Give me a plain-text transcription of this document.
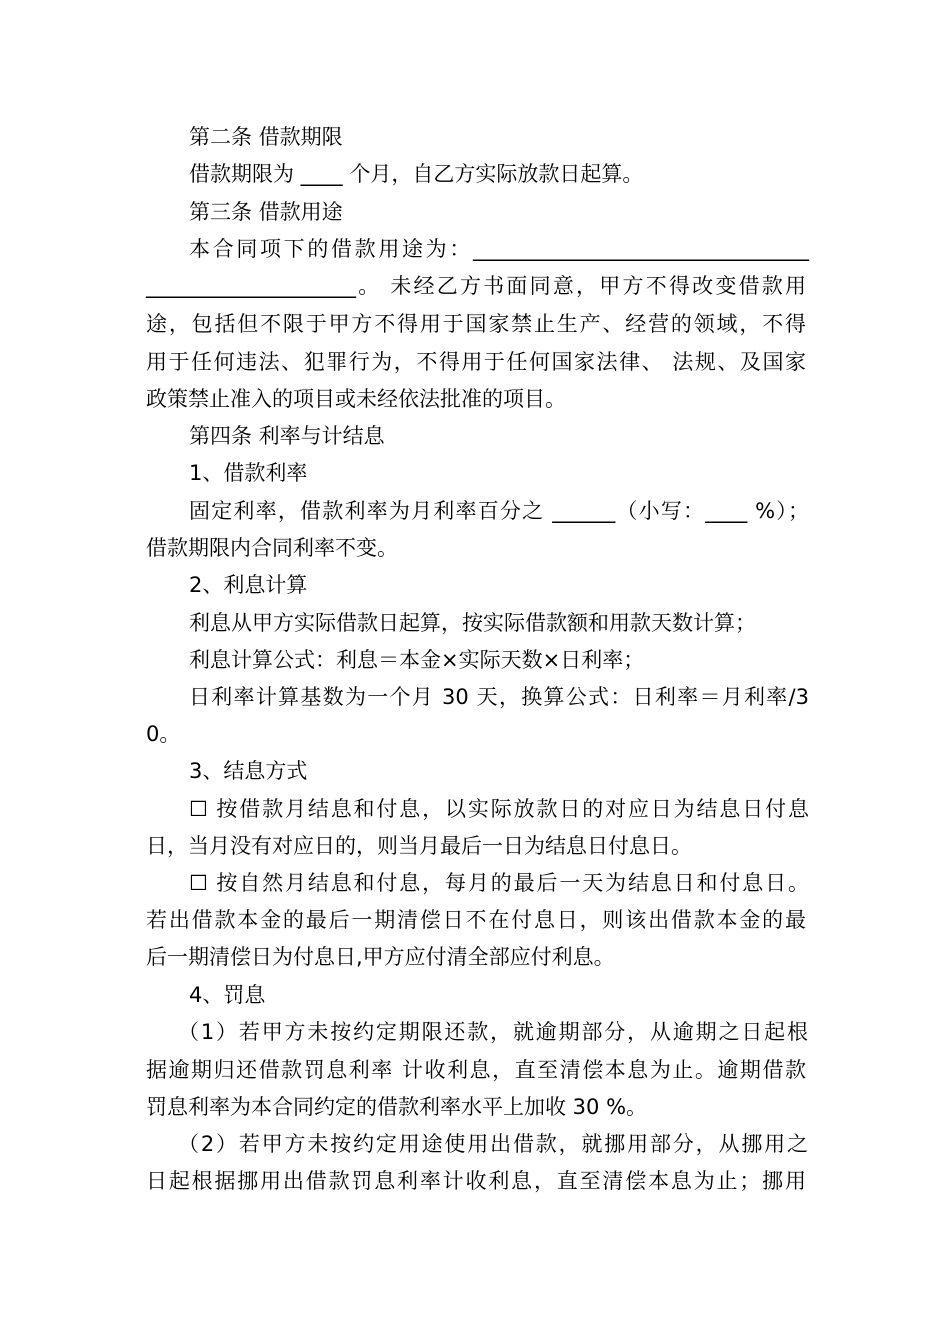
第二条 借款期限
借款期限为 ____ 个月，自乙方实际放款日起算。
第三条 借款用途
本合同项下的借款用途为：________________________________
____________________。 未经乙方书面同意，甲方不得改变借款用
途，包括但不限于甲方不得用于国家禁止生产、经营的领域，不得
用于任何违法、犯罪行为，不得用于任何国家法律、 法规、及国家
政策禁止准入的项目或未经依法批准的项目。
第四条 利率与计结息
1、借款利率
固定利率，借款利率为月利率百分之 ______（小写：____ %）；
借款期限内合同利率不变。
2、利息计算
利息从甲方实际借款日起算，按实际借款额和用款天数计算；
利息计算公式：利息＝本金×实际天数×日利率；
日利率计算基数为一个月 30 天，换算公式：日利率＝月利率/3
0。
3、结息方式
☐ 按借款月结息和付息，以实际放款日的对应日为结息日付息
日，当月没有对应日的，则当月最后一日为结息日付息日。
☐ 按自然月结息和付息，每月的最后一天为结息日和付息日。
若出借款本金的最后一期清偿日不在付息日，则该出借款本金的最
后一期清偿日为付息日,甲方应付清全部应付利息。
4、罚息
（1）若甲方未按约定期限还款，就逾期部分，从逾期之日起根
据逾期归还借款罚息利率 计收利息，直至清偿本息为止。逾期借款
罚息利率为本合同约定的借款利率水平上加收 30 %。
（2）若甲方未按约定用途使用出借款，就挪用部分，从挪用之
日起根据挪用出借款罚息利率计收利息，直至清偿本息为止；挪用
